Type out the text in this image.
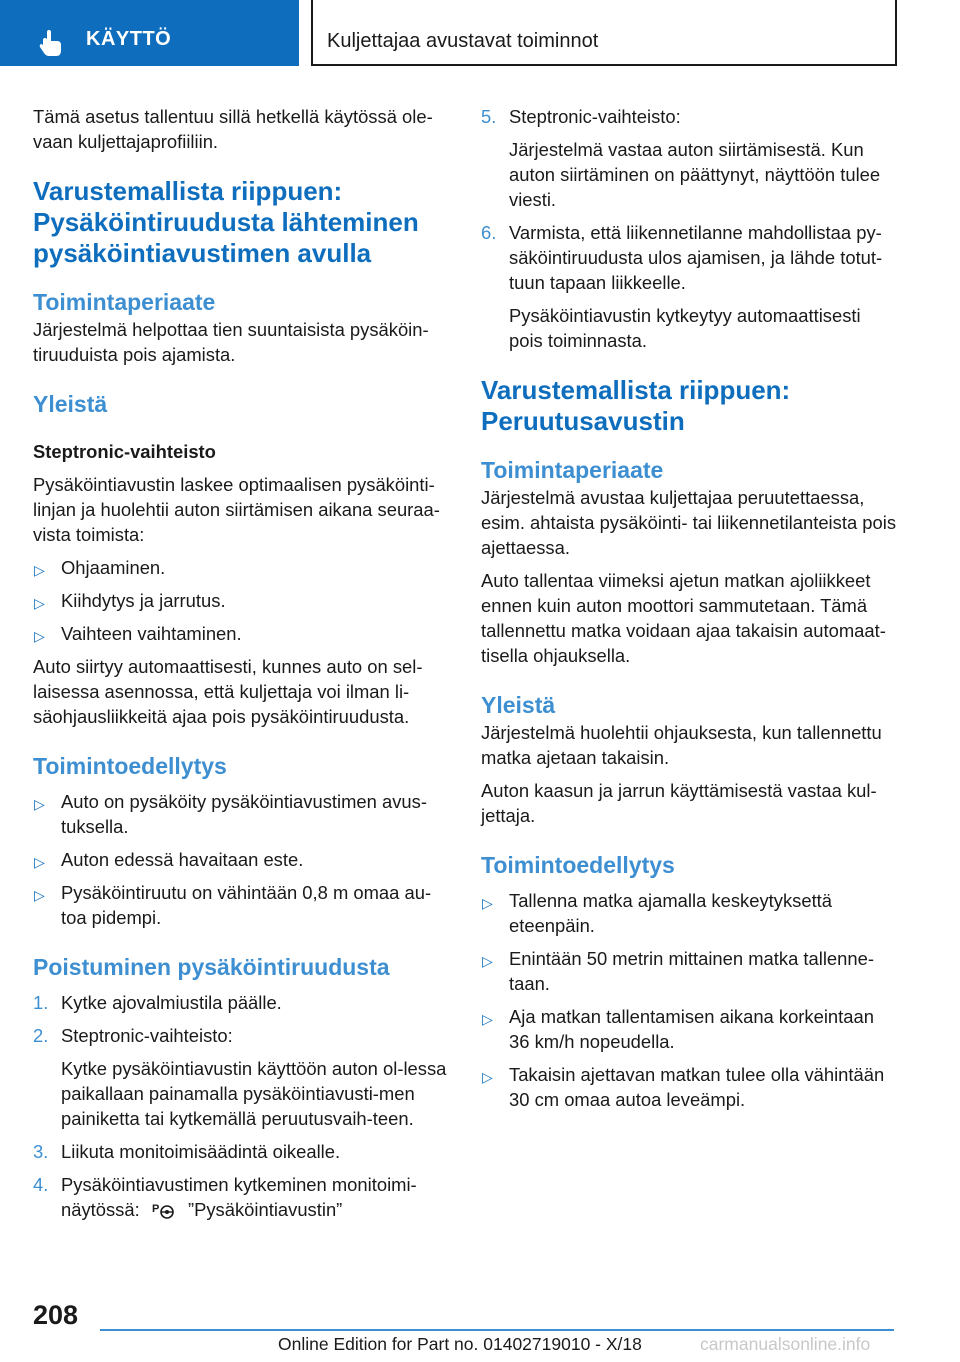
KÄYTTÖ	Kuljettajaa avustavat toiminnot

Tämä asetus tallentuu sillä hetkellä käytössä ole-vaan kuljettajaprofiiliin.

Varustemallista riippuen:
Pysäköintiruudusta lähteminen
pysäköintiavustimen avulla
Toimintaperiaate

Järjestelmä helpottaa tien suuntaisista pysäköin-tiruuduista pois ajamista.

Yleistä
Steptronic-vaihteisto

Pysäköintiavustin laskee optimaalisen pysäköinti-linjan ja huolehtii auton siirtämisen aikana seuraa-vista toimista:

▷ Ohjaaminen.

▷ Kiihdytys ja jarrutus.

▷ Vaihteen vaihtaminen.

Auto siirtyy automaattisesti, kunnes auto on sel-laisessa asennossa, että kuljettaja voi ilman li-säohjausliikkeitä ajaa pois pysäköintiruudusta.

Toimintoedellytys

▷ Auto on pysäköity pysäköintiavustimen avus-tuksella.

▷ Auton edessä havaitaan este.

▷ Pysäköintiruutu on vähintään 0,8 m omaa au-toa pidempi.

Poistuminen pysäköintiruudusta
1. Kytke ajovalmiustila päälle.

2. Steptronic-vaihteisto:

Kytke pysäköintiavustin käyttöön auton ol-lessa paikallaan painamalla pysäköintiavusti-men painiketta tai kytkemällä peruutusvaih-teen.

3. Liikuta monitoimisäädintä oikealle.

4. Pysäköintiavustimen kytkeminen monitoimi-näytössä: P ”Pysäköintiavustin”

5. Steptronic-vaihteisto:

Järjestelmä vastaa auton siirtämisestä. Kun auton siirtäminen on päättynyt, näyttöön tulee viesti.

6. Varmista, että liikennetilanne mahdollistaa py-säköintiruudusta ulos ajamisen, ja lähde totut-tuun tapaan liikkeelle.

Pysäköintiavustin kytkeytyy automaattisesti pois toiminnasta.

Varustemallista riippuen:
Peruutusavustin
Toimintaperiaate

Järjestelmä avustaa kuljettajaa peruutettaessa, esim. ahtaista pysäköinti- tai liikennetilanteista pois ajettaessa.

Auto tallentaa viimeksi ajetun matkan ajoliikkeet ennen kuin auton moottori sammutetaan. Tämä tallennettu matka voidaan ajaa takaisin automaat-tisella ohjauksella.

Yleistä

Järjestelmä huolehtii ohjauksesta, kun tallennettu matka ajetaan takaisin.

Auton kaasun ja jarrun käyttämisestä vastaa kul-jettaja.

Toimintoedellytys

▷ Tallenna matka ajamalla keskeytyksettä eteenpäin.

▷ Enintään 50 metrin mittainen matka tallenne-taan.

▷ Aja matkan tallentamisen aikana korkeintaan 36 km/h nopeudella.

▷ Takaisin ajettavan matkan tulee olla vähintään 30 cm omaa autoa leveämpi.

208
Online Edition for Part no. 01402719010 - X/18	carmanualsonline.info
